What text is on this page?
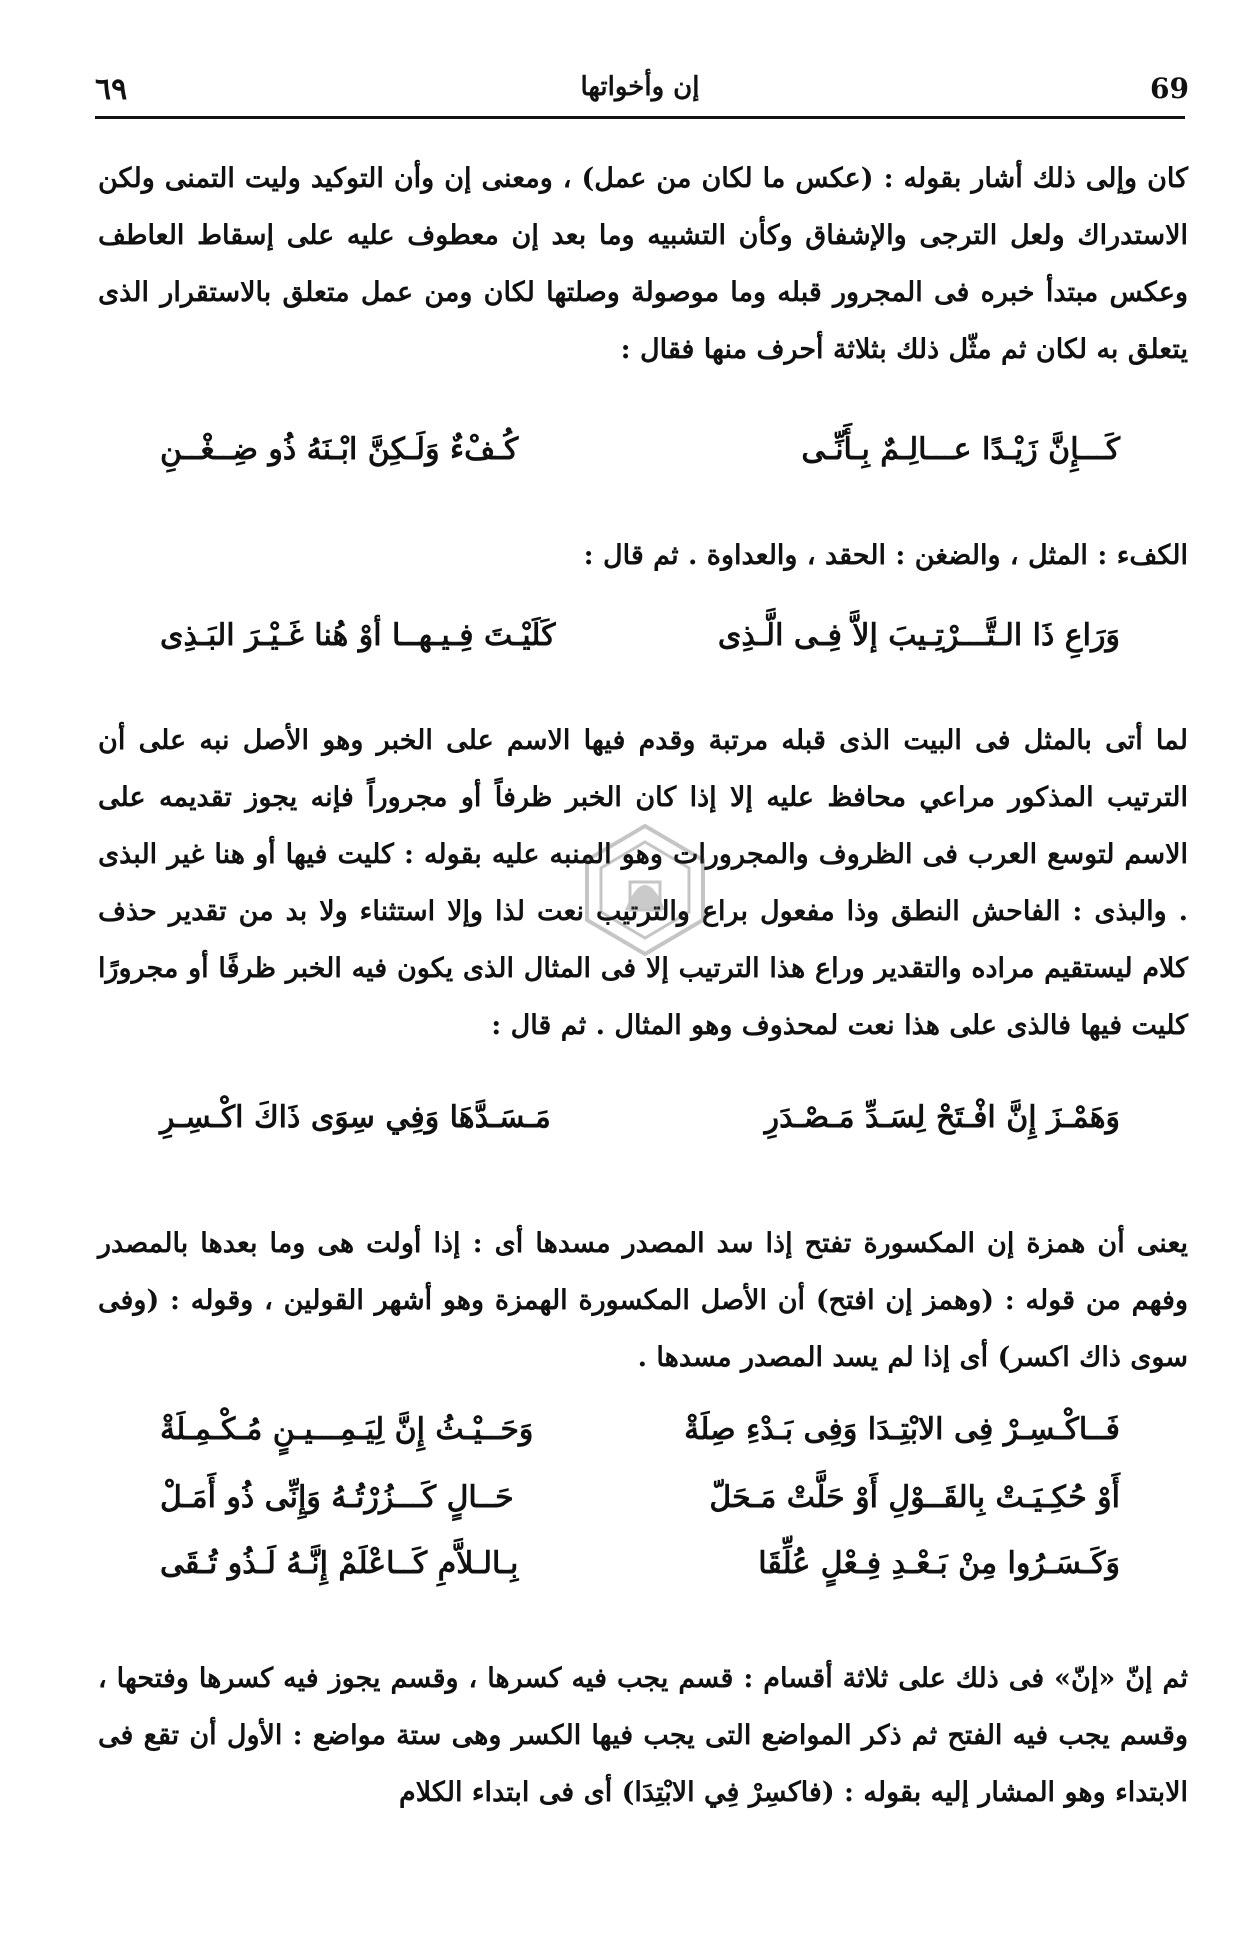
٦٩	إن وأخواتها	69
كان وإلى ذلك أشار بقوله : (عكس ما لكان من عمل) ، ومعنى إن وأن التوكيد وليت التمنى ولكن الاستدراك ولعل الترجى والإشفاق وكأن التشبيه وما بعد إن معطوف عليه على إسقاط العاطف وعكس مبتدأ خبره فى المجرور قبله وما موصولة وصلتها لكان ومن عمل متعلق بالاستقرار الذى يتعلق به لكان ثم مثّل ذلك بثلاثة أحرف منها فقال :
كَـــإِنَّ زَيْـدًا عـــالِـمٌ بِـأَنِّـى
كُـفْءٌ وَلَـكِنَّ ابْـنَهُ ذُو ضِــغْــنِ
الكفء : المثل ، والضغن : الحقد ، والعداوة . ثم قال :
وَرَاعِ ذَا الـتَّـــرْتِـيبَ إلاَّ فِـى الَّـذِى
كَلَيْـتَ فِـيـهــا أوْ هُنا غَـيْـرَ البَـذِى
لما أتى بالمثل فى البيت الذى قبله مرتبة وقدم فيها الاسم على الخبر وهو الأصل نبه على أن الترتيب المذكور مراعي محافظ عليه إلا إذا كان الخبر ظرفاً أو مجروراً فإنه يجوز تقديمه على الاسم لتوسع العرب فى الظروف والمجرورات وهو المنبه عليه بقوله : كليت فيها أو هنا غير البذى . والبذى : الفاحش النطق وذا مفعول براع والترتيب نعت لذا وإلا استثناء ولا بد من تقدير حذف كلام ليستقيم مراده والتقدير وراع هذا الترتيب إلا فى المثال الذى يكون فيه الخبر ظرفًا أو مجرورًا كليت فيها فالذى على هذا نعت لمحذوف وهو المثال . ثم قال :
وَهَمْـزَ إِنَّ افْـتَحْ لِسَـدِّ مَـصْـدَرِ
مَـسَـدَّهَا وَفِي سِوَى ذَاكَ اكْـسِـرِ
يعنى أن همزة إن المكسورة تفتح إذا سد المصدر مسدها أى : إذا أولت هى وما بعدها بالمصدر وفهم من قوله : (وهمز إن افتح) أن الأصل المكسورة الهمزة وهو أشهر القولين ، وقوله : (وفى سوى ذاك اكسر) أى إذا لم يسد المصدر مسدها .
فَــاكْـسِـرْ فِى الابْتِـدَا وَفِى بَـدْءِ صِلَةْ
وَحَــيْـثُ إِنَّ لِيَـمِـــيـنٍ مُـكْـمِـلَةْ
أَوْ حُكِـيَـتْ بِالقَــوْلِ أَوْ حَلَّتْ مَـحَلّ
حَــالٍ كَـــزُرْتُـهُ وَإِنِّى ذُو أَمَـلْ
وَكَـسَـرُوا مِنْ بَـعْـدِ فِـعْلٍ عُلِّقَا
بِـالـلاَّمِ كَــاعْلَمْ إِنَّـهُ لَـذُو تُـقَى
ثم إنّ «إنّ» فى ذلك على ثلاثة أقسام : قسم يجب فيه كسرها ، وقسم يجوز فيه كسرها وفتحها ، وقسم يجب فيه الفتح ثم ذكر المواضع التى يجب فيها الكسر وهى ستة مواضع : الأول أن تقع فى الابتداء وهو المشار إليه بقوله : (فاكسِرْ فِي الابْتِدَا) أى فى ابتداء الكلام
